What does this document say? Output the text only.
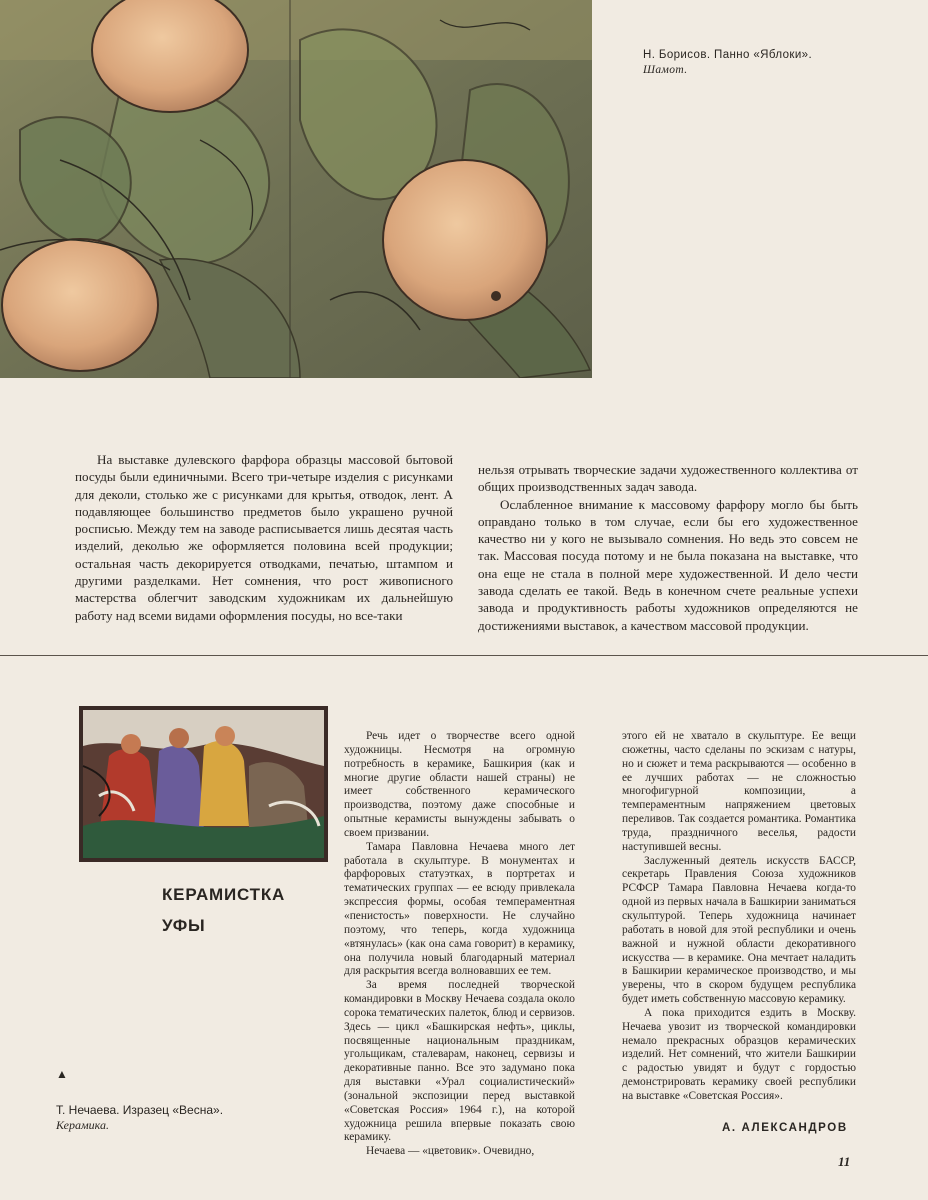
Н. Борисов. Панно «Яблоки».
Шамот.

На выставке дулевского фарфора образцы массовой бытовой посуды были единичными. Всего три-четыре изделия с рисунками для деколи, столько же с рисунками для крытья, отводок, лент. А подавляющее большинство предметов было украшено ручной росписью. Между тем на заводе расписывается лишь десятая часть изделий, деколью же оформляется половина всей продукции; остальная часть декорируется отводками, печатью, штампом и другими разделками. Нет сомнения, что рост живописного мастерства облегчит заводским художникам их дальнейшую работу над всеми видами оформления посуды, но все-таки

нельзя отрывать творческие задачи художественного коллектива от общих производственных задач завода.

Ослабленное внимание к массовому фарфору могло бы быть оправдано только в том случае, если бы его художественное качество ни у кого не вызывало сомнения. Но ведь это совсем не так. Массовая посуда потому и не была показана на выставке, что она еще не стала в полной мере художественной. И дело чести завода сделать ее такой. Ведь в конечном счете реальные успехи завода и продуктивность работы художников определяются не достижениями выставок, а качеством массовой продукции.

КЕРАМИСТКА
УФЫ

Речь идет о творчестве всего одной художницы. Несмотря на огромную потребность в керамике, Башкирия (как и многие другие области нашей страны) не имеет собственного керамического производства, поэтому даже способные и опытные керамисты вынуждены забывать о своем призвании.

Тамара Павловна Нечаева много лет работала в скульптуре. В монументах и фарфоровых статуэтках, в портретах и тематических группах — ее всюду привлекала экспрессия формы, особая темпераментная «пенистость» поверхности. Не случайно поэтому, что теперь, когда художница «втянулась» (как она сама говорит) в керамику, она получила новый благодарный материал для раскрытия всегда волновавших ее тем.

За время последней творческой командировки в Москву Нечаева создала около сорока тематических палеток, блюд и сервизов. Здесь — цикл «Башкирская нефть», циклы, посвященные национальным праздникам, угольщикам, сталеварам, наконец, сервизы и декоративные панно. Все это задумано пока для выставки «Урал социалистический» (зональной экспозиции перед выставкой «Советская Россия» 1964 г.), на которой художница решила впервые показать свою керамику.

Нечаева — «цветовик». Очевидно,

этого ей не хватало в скульптуре. Ее вещи сюжетны, часто сделаны по эскизам с натуры, но и сюжет и тема раскрываются — особенно в ее лучших работах — не сложностью многофигурной композиции, а темпераментным напряжением цветовых переливов. Так создается романтика. Романтика труда, праздничного веселья, радости наступившей весны.

Заслуженный деятель искусств БАССР, секретарь Правления Союза художников РСФСР Тамара Павловна Нечаева когда-то одной из первых начала в Башкирии заниматься скульптурой. Теперь художница начинает работать в новой для этой республики и очень важной и нужной области декоративного искусства — в керамике. Она мечтает наладить в Башкирии керамическое производство, и мы уверены, что в скором будущем республика будет иметь собственную массовую керамику.

А пока приходится ездить в Москву. Нечаева увозит из творческой командировки немало прекрасных образцов керамических изделий. Нет сомнений, что жители Башкирии с радостью увидят и будут с гордостью демонстрировать керамику своей республики на выставке «Советская Россия».

▲
Т. Нечаева. Изразец «Весна».
Керамика.	А. АЛЕКСАНДРОВ
11
